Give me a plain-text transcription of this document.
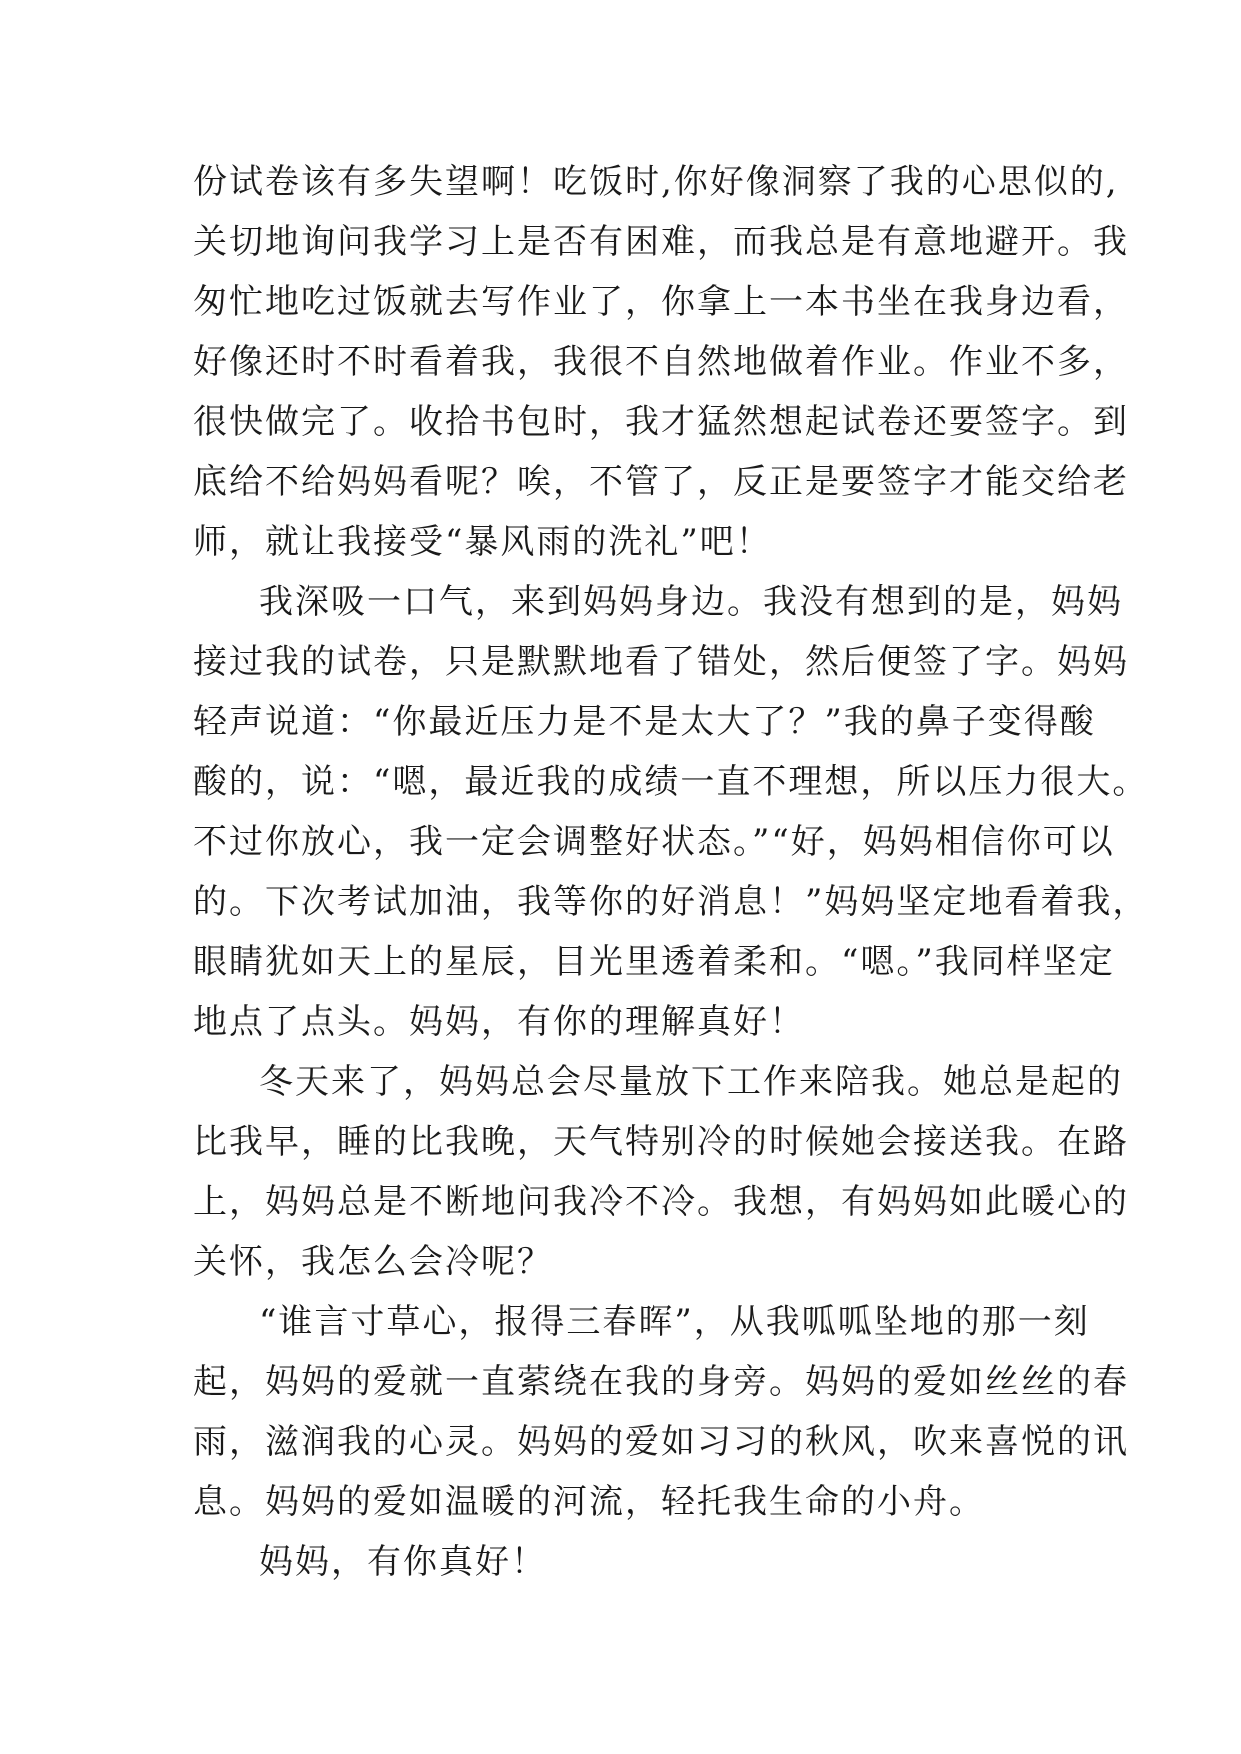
份试卷该有多失望啊！吃饭时,你好像洞察了我的心思似的,
关切地询问我学习上是否有困难，而我总是有意地避开。我
匆忙地吃过饭就去写作业了，你拿上一本书坐在我身边看，
好像还时不时看着我，我很不自然地做着作业。作业不多，
很快做完了。收拾书包时，我才猛然想起试卷还要签字。到
底给不给妈妈看呢？唉，不管了，反正是要签字才能交给老
师，就让我接受“暴风雨的洗礼”吧！
我深吸一口气，来到妈妈身边。我没有想到的是，妈妈
接过我的试卷，只是默默地看了错处，然后便签了字。妈妈
轻声说道：“你最近压力是不是太大了？”我的鼻子变得酸
酸的，说：“嗯，最近我的成绩一直不理想，所以压力很大。
不过你放心，我一定会调整好状态。”“好，妈妈相信你可以
的。下次考试加油，我等你的好消息！”妈妈坚定地看着我，
眼睛犹如天上的星辰，目光里透着柔和。“嗯。”我同样坚定
地点了点头。妈妈，有你的理解真好！
冬天来了，妈妈总会尽量放下工作来陪我。她总是起的
比我早，睡的比我晚，天气特别冷的时候她会接送我。在路
上，妈妈总是不断地问我冷不冷。我想，有妈妈如此暖心的
关怀，我怎么会冷呢？
“谁言寸草心，报得三春晖”，从我呱呱坠地的那一刻
起，妈妈的爱就一直萦绕在我的身旁。妈妈的爱如丝丝的春
雨，滋润我的心灵。妈妈的爱如习习的秋风，吹来喜悦的讯
息。妈妈的爱如温暖的河流，轻托我生命的小舟。
妈妈，有你真好！
